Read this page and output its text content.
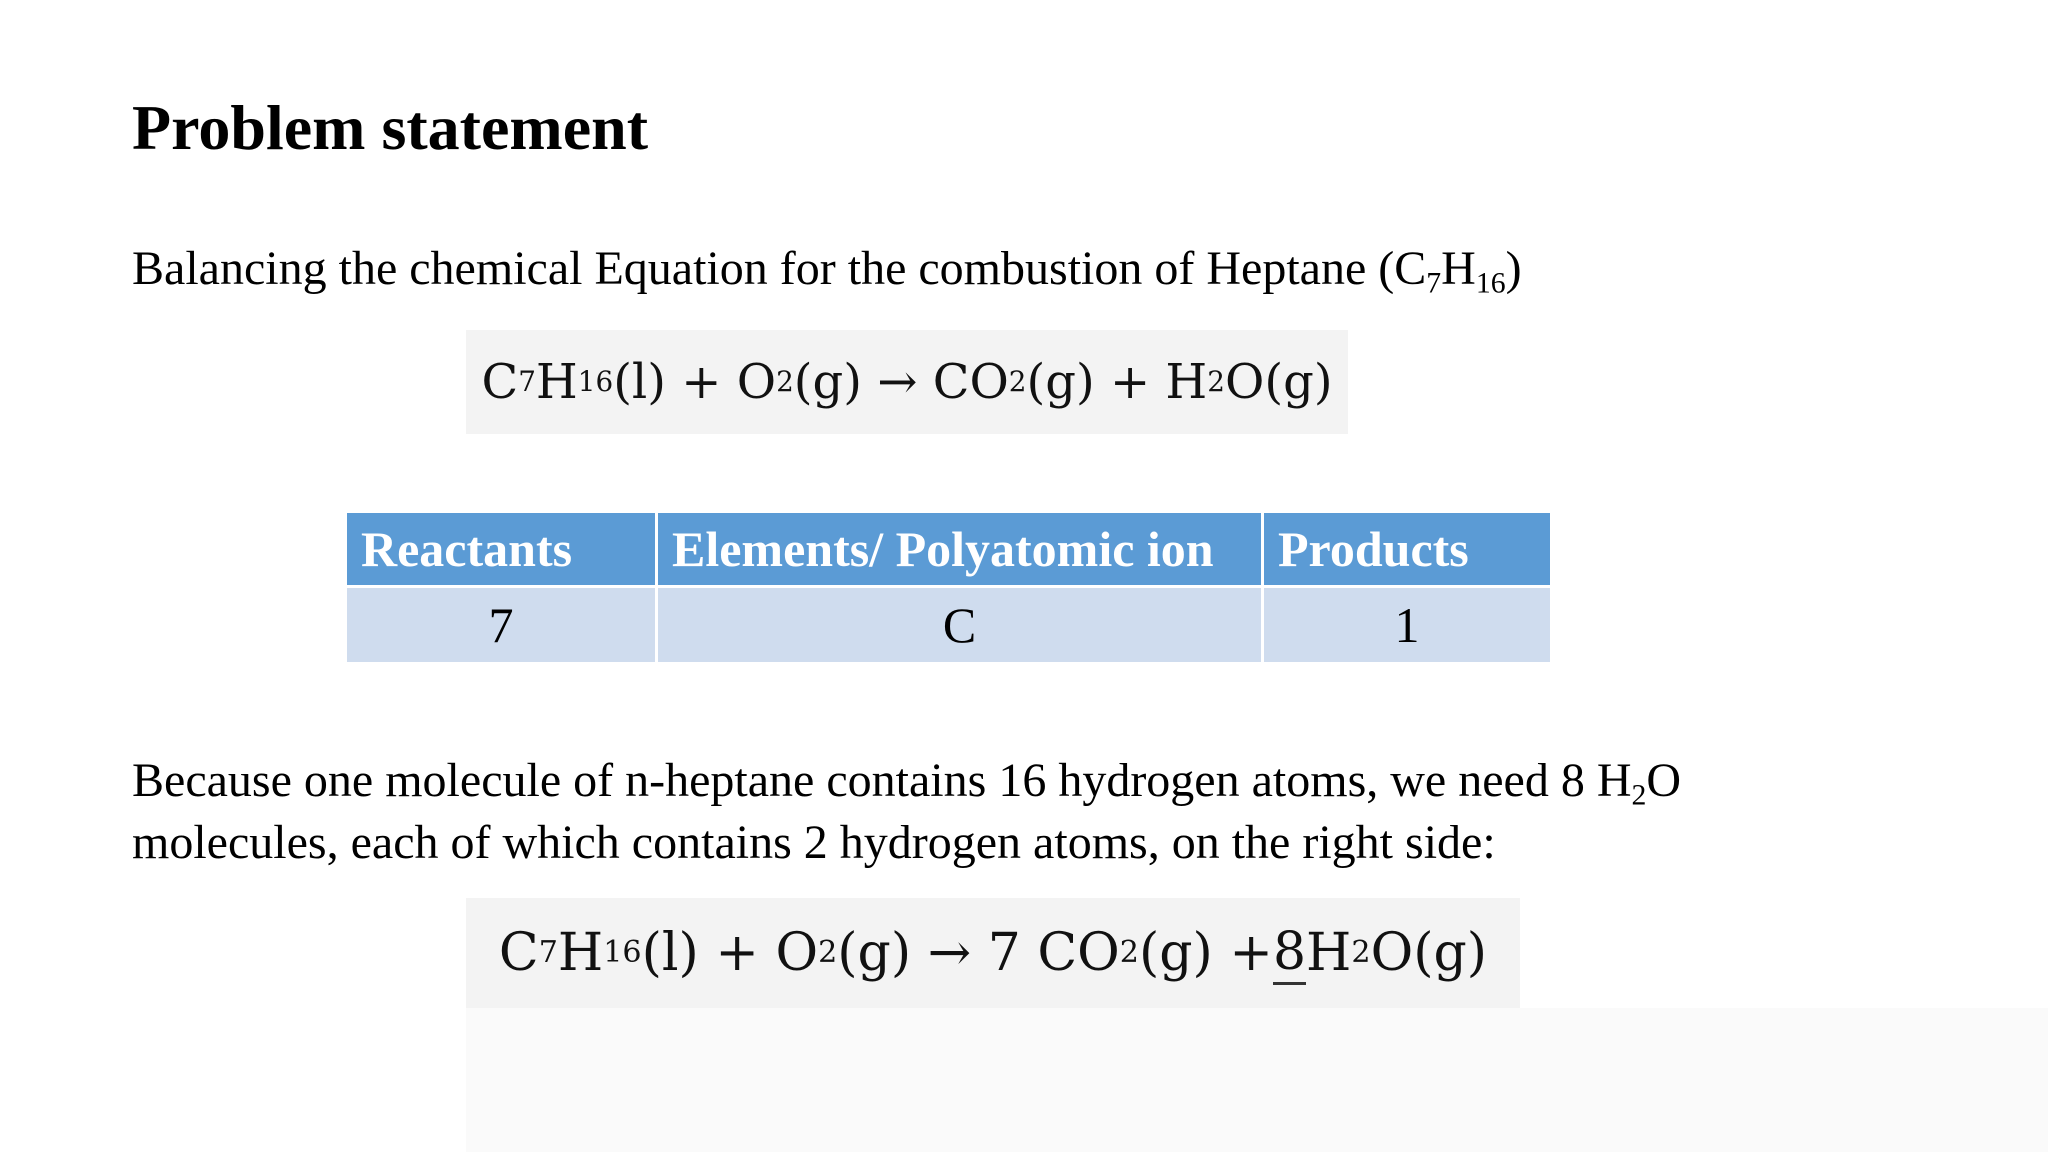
Problem statement
Balancing the chemical Equation for the combustion of Heptane $(C_7H_{16})$
C 7 H 16 (l) + O 2 (g) → CO 2 (g) + H 2 O(g)
Reactants	Elements/ Polyatomic ion	Products
7	C	1
Because one molecule of n-heptane contains 16 hydrogen atoms, we need 8 $H_2O$
molecules, each of which contains 2 hydrogen atoms, on the right side:
C 7 H 16 (l) + O 2 (g) → 7 CO 2 (g) + 8 H 2 O(g)
